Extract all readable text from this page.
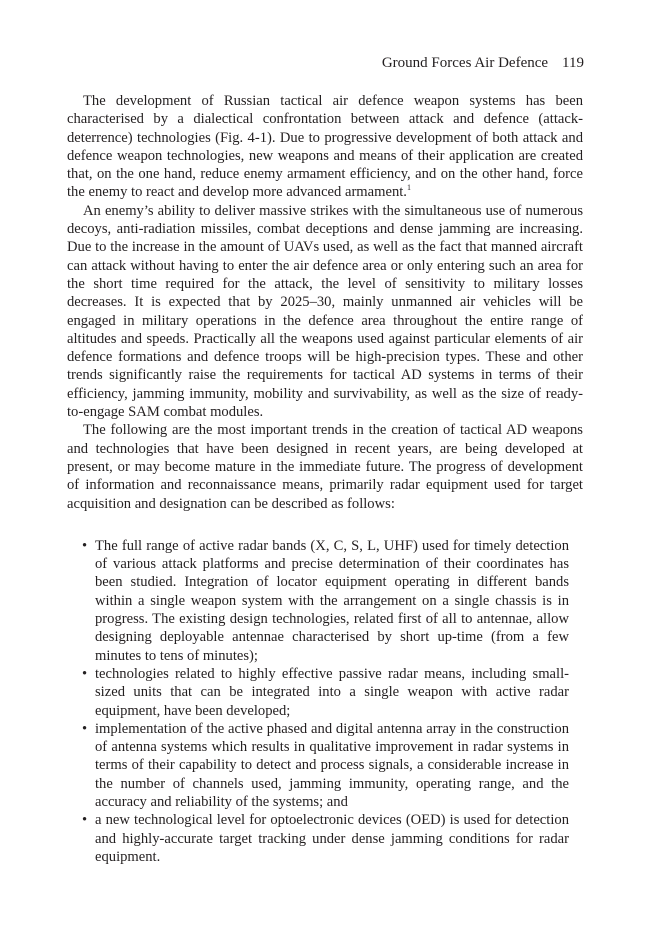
Ground Forces Air Defence 119

The development of Russian tactical air defence weapon systems has been characterised by a dialectical confrontation between attack and defence (attack-deterrence) technologies (Fig. 4-1). Due to progressive development of both attack and defence weapon technologies, new weapons and means of their application are created that, on the one hand, reduce enemy armament efficiency, and on the other hand, force the enemy to react and develop more advanced armament.$^1$

An enemy’s ability to deliver massive strikes with the simultaneous use of numerous decoys, anti-radiation missiles, combat deceptions and dense jamming are increasing. Due to the increase in the amount of UAVs used, as well as the fact that manned aircraft can attack without having to enter the air defence area or only entering such an area for the short time required for the attack, the level of sensitivity to military losses decreases. It is expected that by 2025–30, mainly unmanned air vehicles will be engaged in military operations in the defence area throughout the entire range of altitudes and speeds. Practically all the weapons used against particular elements of air defence formations and defence troops will be high-precision types. These and other trends significantly raise the requirements for tactical AD systems in terms of their efficiency, jamming immunity, mobility and survivability, as well as the size of ready-to-engage SAM combat modules.

The following are the most important trends in the creation of tactical AD weapons and technologies that have been designed in recent years, are being developed at present, or may become mature in the immediate future. The progress of development of information and reconnaissance means, primarily radar equipment used for target acquisition and designation can be described as follows:

• The full range of active radar bands (X, C, S, L, UHF) used for timely detection of various attack platforms and precise determination of their coordinates has been studied. Integration of locator equipment operating in different bands within a single weapon system with the arrangement on a single chassis is in progress. The existing design technologies, related first of all to antennae, allow designing deployable antennae characterised by short up-time (from a few minutes to tens of minutes);
• technologies related to highly effective passive radar means, including small-sized units that can be integrated into a single weapon with active radar equipment, have been developed;
• implementation of the active phased and digital antenna array in the construction of antenna systems which results in qualitative improvement in radar systems in terms of their capability to detect and process signals, a considerable increase in the number of channels used, jamming immunity, operating range, and the accuracy and reliability of the systems; and
• a new technological level for optoelectronic devices (OED) is used for detection and highly-accurate target tracking under dense jamming conditions for radar equipment.
